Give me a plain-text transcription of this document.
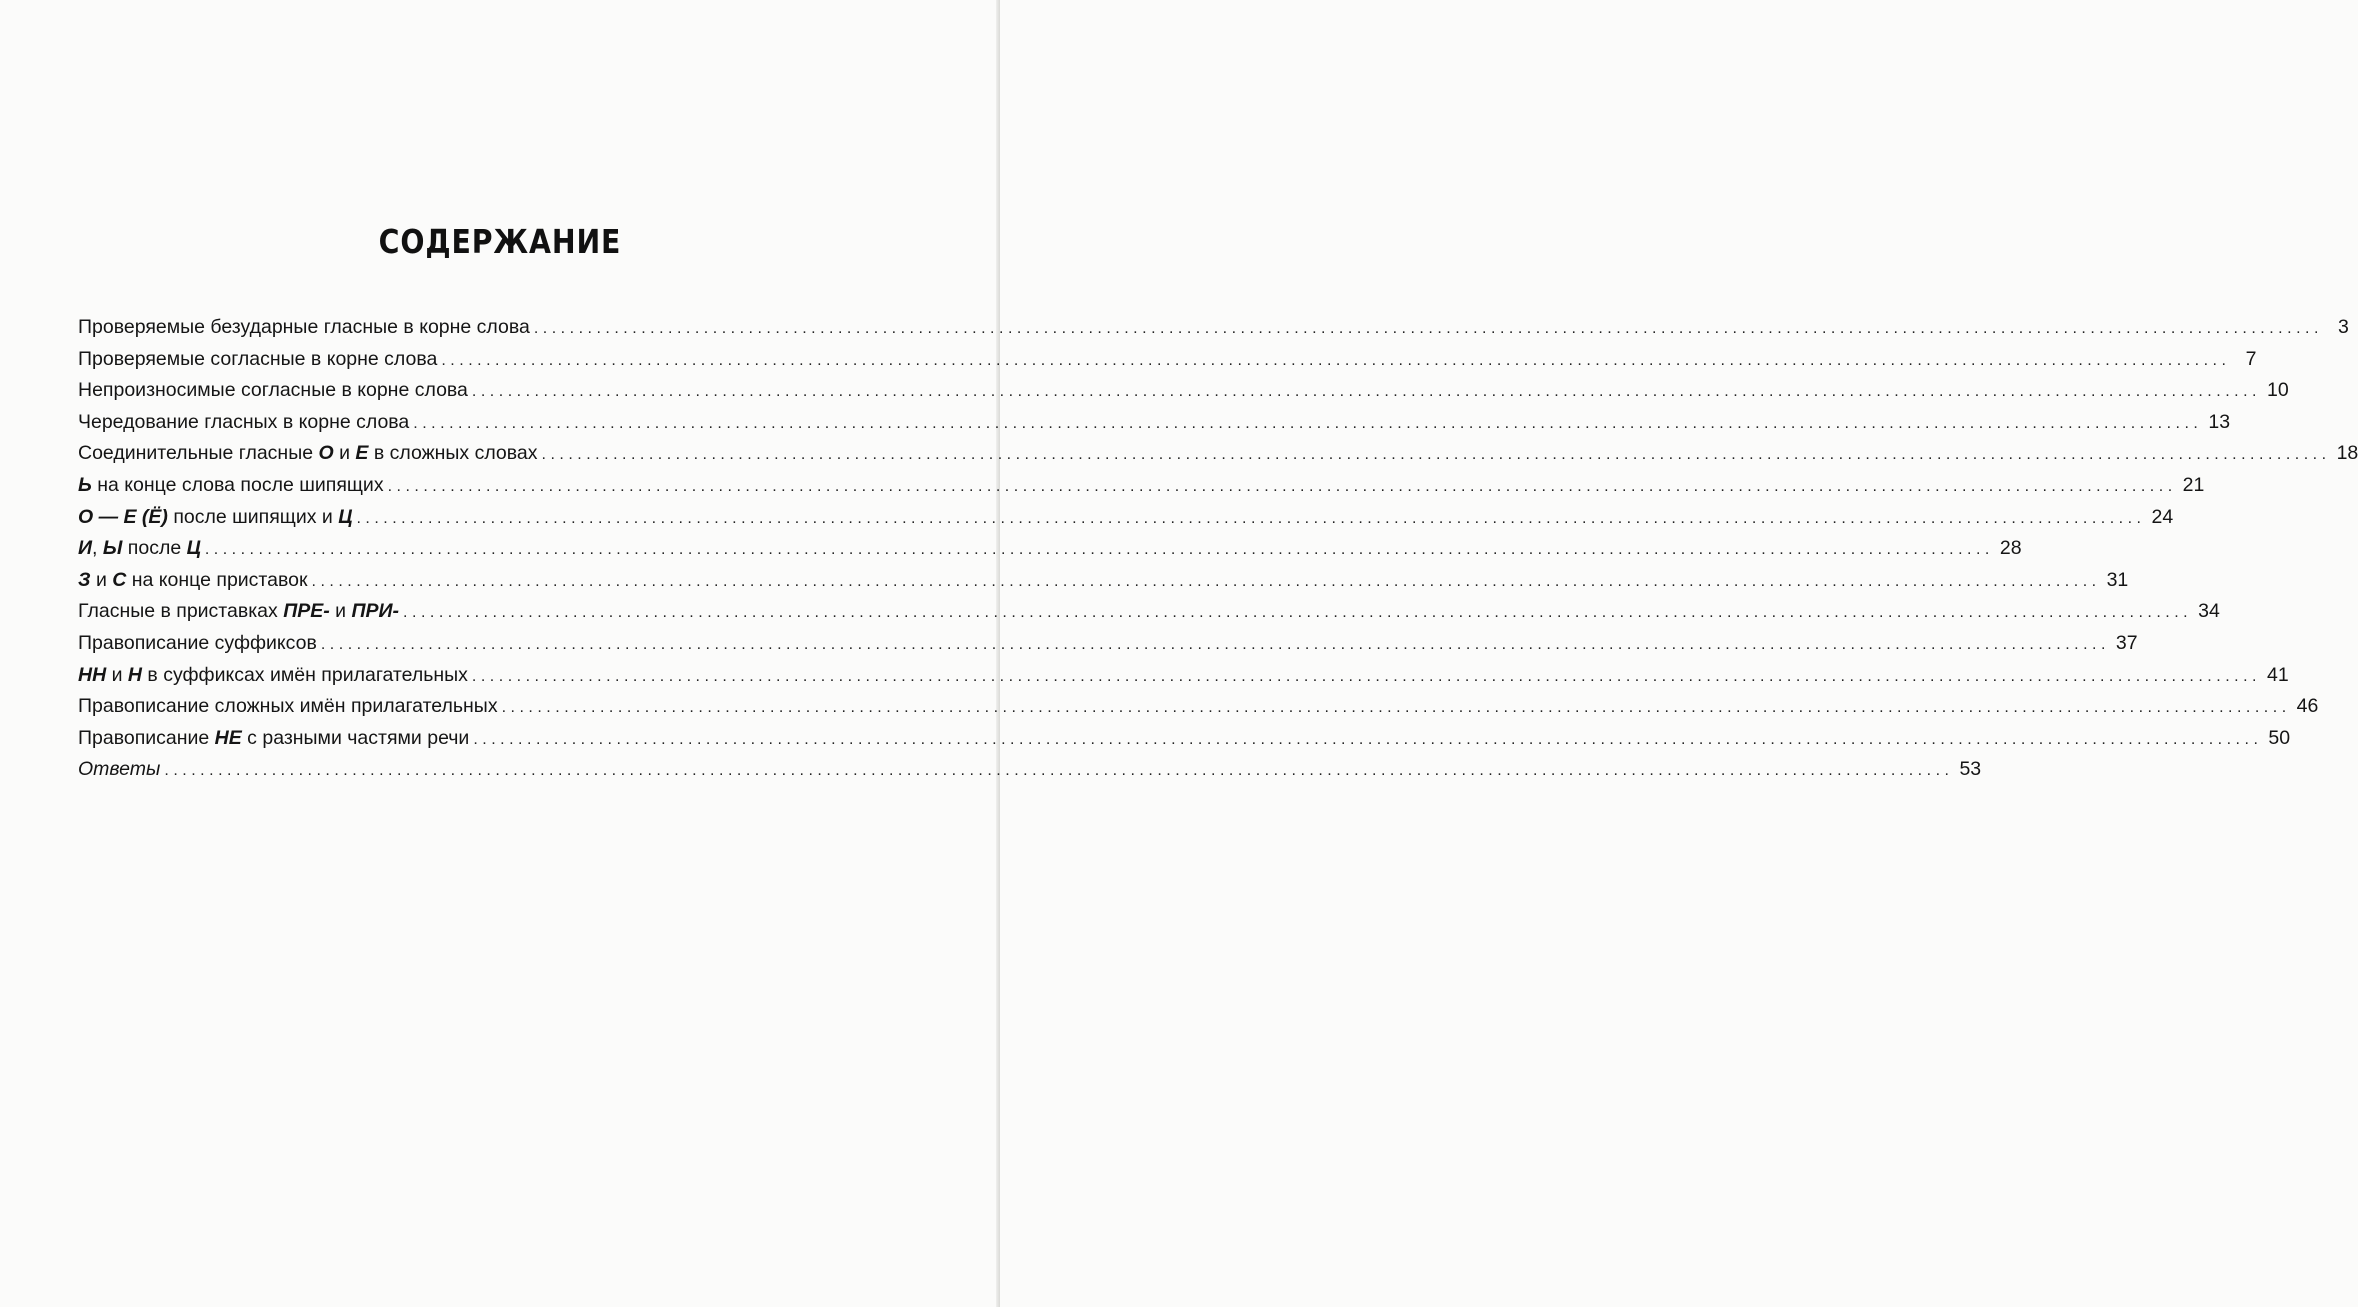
СОДЕРЖАНИЕ
Проверяемые безударные гласные в корне слова ........................................................................................................................................................................................................ 3
Проверяемые согласные в корне слова ........................................................................................................................................................................................................ 7
Непроизносимые согласные в корне слова ........................................................................................................................................................................................................ 10
Чередование гласных в корне слова ........................................................................................................................................................................................................ 13
Соединительные гласные О и Е в сложных словах ........................................................................................................................................................................................................ 18
Ь на конце слова после шипящих ........................................................................................................................................................................................................ 21
О — Е (Ё) после шипящих и Ц ........................................................................................................................................................................................................ 24
И, Ы после Ц ........................................................................................................................................................................................................ 28
З и С на конце приставок ........................................................................................................................................................................................................ 31
Гласные в приставках ПРЕ- и ПРИ- ........................................................................................................................................................................................................ 34
Правописание суффиксов ........................................................................................................................................................................................................ 37
НН и Н в суффиксах имён прилагательных ........................................................................................................................................................................................................ 41
Правописание сложных имён прилагательных ........................................................................................................................................................................................................ 46
Правописание НЕ с разными частями речи ........................................................................................................................................................................................................ 50
Ответы ........................................................................................................................................................................................................ 53
